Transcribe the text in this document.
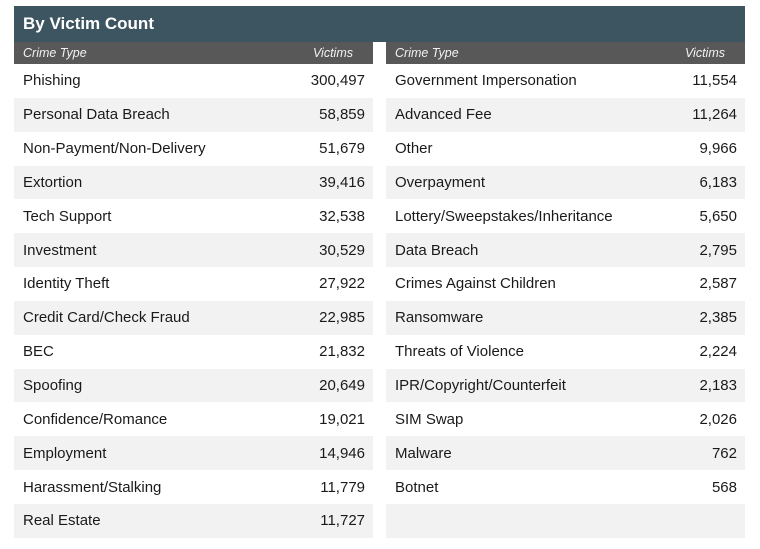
By Victim Count
Crime Type	Victims
Phishing	300,497
Personal Data Breach	58,859
Non-Payment/Non-Delivery	51,679
Extortion	39,416
Tech Support	32,538
Investment	30,529
Identity Theft	27,922
Credit Card/Check Fraud	22,985
BEC	21,832
Spoofing	20,649
Confidence/Romance	19,021
Employment	14,946
Harassment/Stalking	11,779
Real Estate	11,727
Crime Type	Victims
Government Impersonation	11,554
Advanced Fee	11,264
Other	9,966
Overpayment	6,183
Lottery/Sweepstakes/Inheritance	5,650
Data Breach	2,795
Crimes Against Children	2,587
Ransomware	2,385
Threats of Violence	2,224
IPR/Copyright/Counterfeit	2,183
SIM Swap	2,026
Malware	762
Botnet	568
